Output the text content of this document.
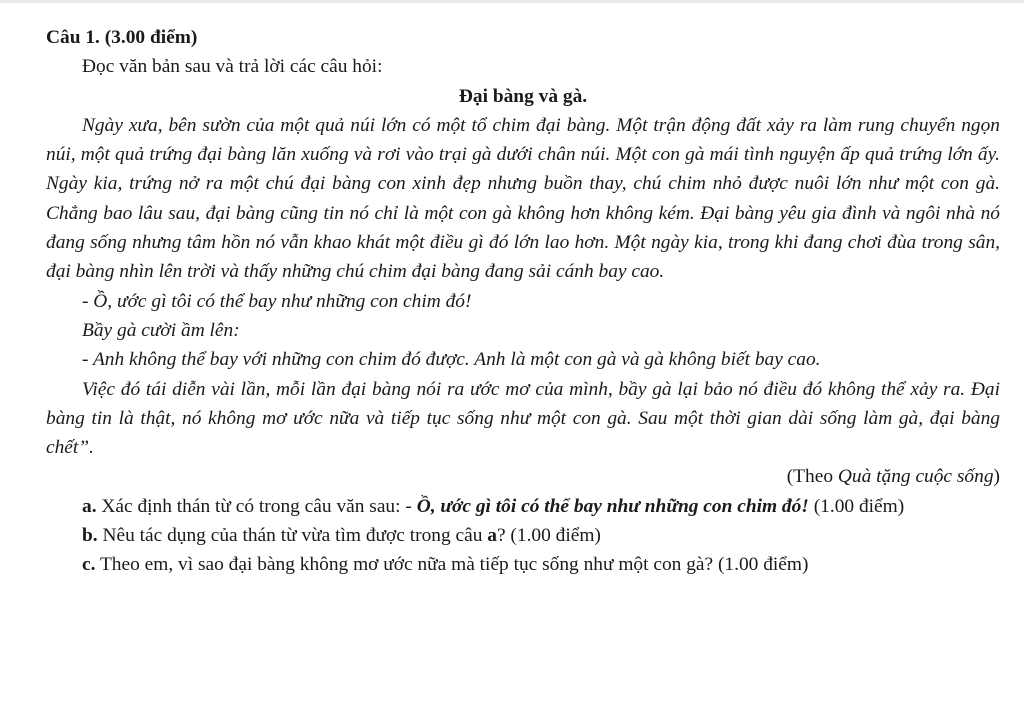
Câu 1. (3.00 điểm)

Đọc văn bản sau và trả lời các câu hỏi:

Đại bàng và gà.

Ngày xưa, bên sườn của một quả núi lớn có một tổ chim đại bàng. Một trận động đất xảy ra làm rung chuyển ngọn núi, một quả trứng đại bàng lăn xuống và rơi vào trại gà dưới chân núi. Một con gà mái tình nguyện ấp quả trứng lớn ấy. Ngày kia, trứng nở ra một chú đại bàng con xinh đẹp nhưng buồn thay, chú chim nhỏ được nuôi lớn như một con gà. Chẳng bao lâu sau, đại bàng cũng tin nó chỉ là một con gà không hơn không kém. Đại bàng yêu gia đình và ngôi nhà nó đang sống nhưng tâm hồn nó vẫn khao khát một điều gì đó lớn lao hơn. Một ngày kia, trong khi đang chơi đùa trong sân, đại bàng nhìn lên trời và thấy những chú chim đại bàng đang sải cánh bay cao.
- Ồ, ước gì tôi có thể bay như những con chim đó!
Bầy gà cười ầm lên:
- Anh không thể bay với những con chim đó được. Anh là một con gà và gà không biết bay cao.
Việc đó tái diễn vài lần, mỗi lần đại bàng nói ra ước mơ của mình, bầy gà lại bảo nó điều đó không thể xảy ra. Đại bàng tin là thật, nó không mơ ước nữa và tiếp tục sống như một con gà. Sau một thời gian dài sống làm gà, đại bàng chết”.

(Theo Quà tặng cuộc sống)

a. Xác định thán từ có trong câu văn sau: - Ồ, ước gì tôi có thể bay như những con chim đó! (1.00 điểm)

b. Nêu tác dụng của thán từ vừa tìm được trong câu a? (1.00 điểm)

c. Theo em, vì sao đại bàng không mơ ước nữa mà tiếp tục sống như một con gà? (1.00 điểm)
